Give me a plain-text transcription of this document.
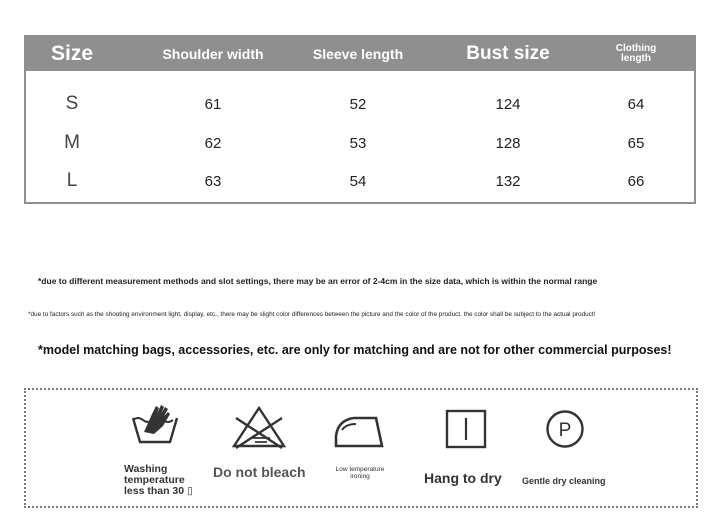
Size	Shoulder width	Sleeve length	Bust size	Clothing
length
S	61	52	124	64
M	62	53	128	65
L	63	54	132	66
*due to different measurement methods and slot settings, there may be an error of 2-4cm in the size data, which is within the normal range
*due to factors such as the shooting environment light, display, etc., there may be slight color differences between the picture and the color of the product. the color shall be subject to the actual product!
*model matching bags, accessories, etc. are only for matching and are not for other commercial purposes!
P
Washing
temperature
less than 30 ▯
Do not bleach	Low temperature
ironing	Hang to dry Gentle dry cleaning
